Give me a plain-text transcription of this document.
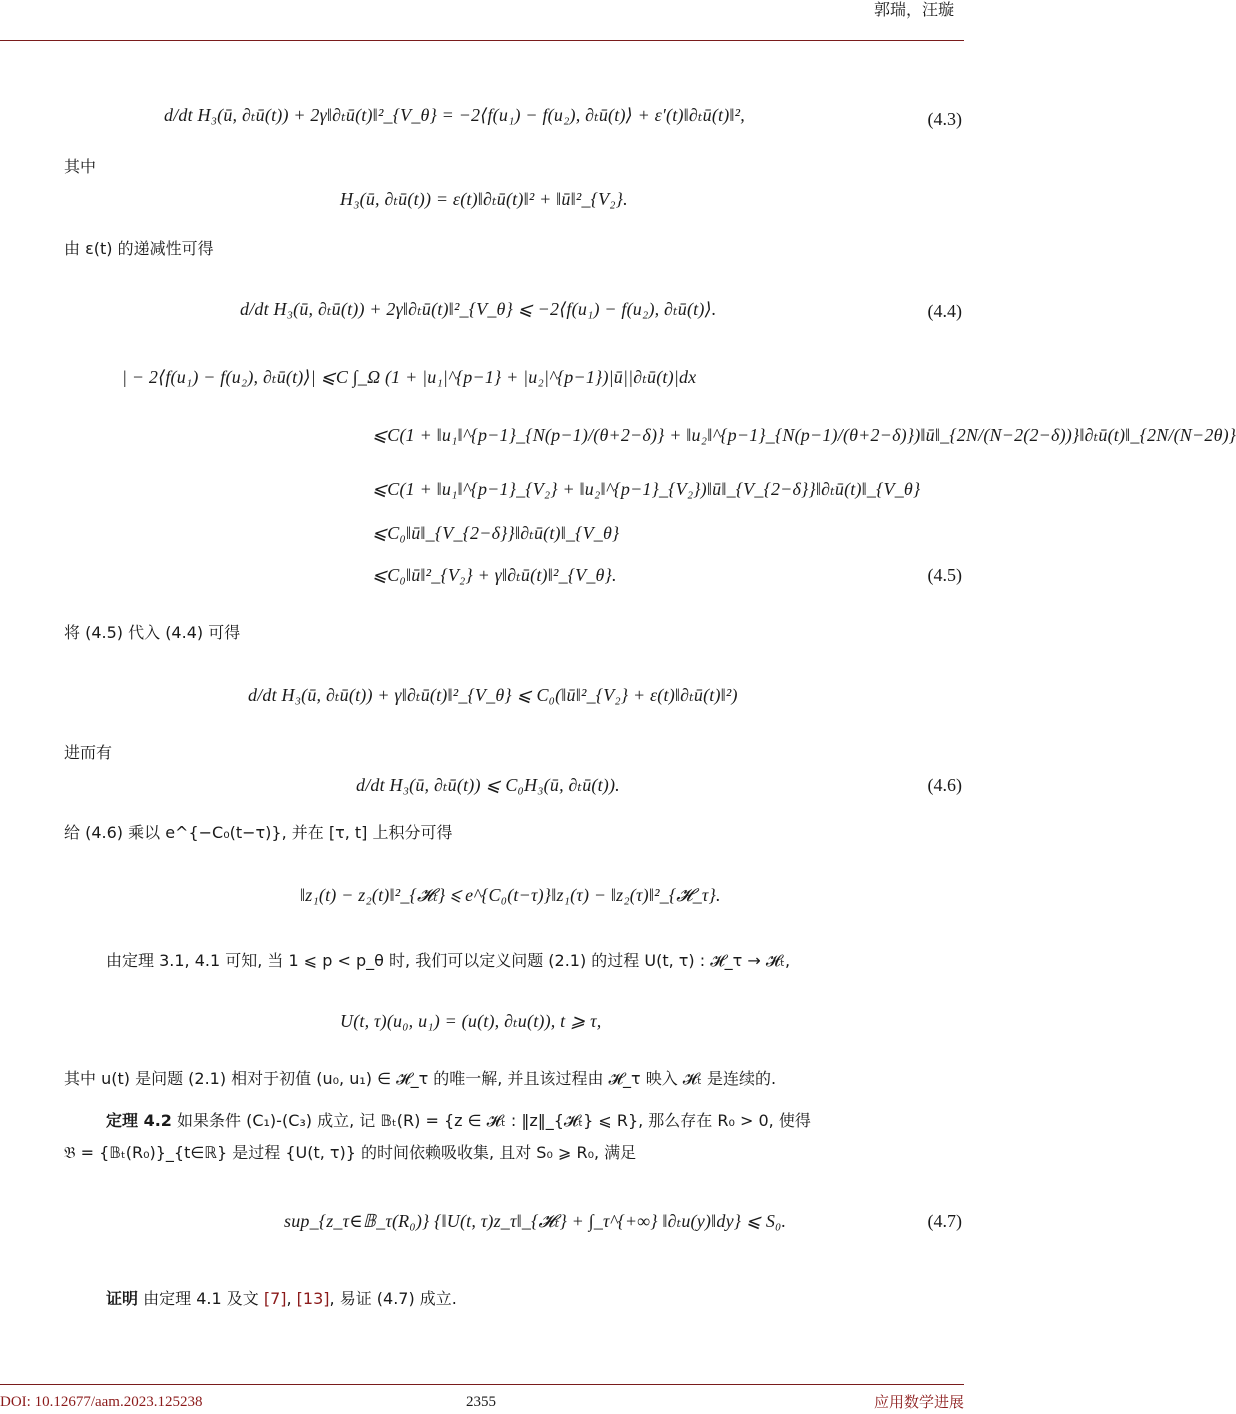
郭瑞，汪璇
d/dt H₃(ū, ∂ₜū(t)) + 2γ‖∂ₜū(t)‖²_{V_θ} = −2⟨f(u₁) − f(u₂), ∂ₜū(t)⟩ + ε′(t)‖∂ₜū(t)‖²,	(4.3)
其中
H₃(ū, ∂ₜū(t)) = ε(t)‖∂ₜū(t)‖² + ‖ū‖²_{V₂}.
由 ε(t) 的递减性可得
d/dt H₃(ū, ∂ₜū(t)) + 2γ‖∂ₜū(t)‖²_{V_θ} ⩽ −2⟨f(u₁) − f(u₂), ∂ₜū(t)⟩.	(4.4)
| − 2⟨f(u₁) − f(u₂), ∂ₜū(t)⟩| ⩽C ∫_Ω (1 + |u₁|^{p−1} + |u₂|^{p−1})|ū||∂ₜū(t)|dx
⩽C(1 + ‖u₁‖^{p−1}_{N(p−1)/(θ+2−δ)} + ‖u₂‖^{p−1}_{N(p−1)/(θ+2−δ)})‖ū‖_{2N/(N−2(2−δ))}‖∂ₜū(t)‖_{2N/(N−2θ)}
⩽C(1 + ‖u₁‖^{p−1}_{V₂} + ‖u₂‖^{p−1}_{V₂})‖ū‖_{V_{2−δ}}‖∂ₜū(t)‖_{V_θ}
⩽C₀‖ū‖_{V_{2−δ}}‖∂ₜū(t)‖_{V_θ}
⩽C₀‖ū‖²_{V₂} + γ‖∂ₜū(t)‖²_{V_θ}.	(4.5)
将 (4.5) 代入 (4.4) 可得
d/dt H₃(ū, ∂ₜū(t)) + γ‖∂ₜū(t)‖²_{V_θ} ⩽ C₀(‖ū‖²_{V₂} + ε(t)‖∂ₜū(t)‖²)
进而有
d/dt H₃(ū, ∂ₜū(t)) ⩽ C₀H₃(ū, ∂ₜū(t)).	(4.6)
给 (4.6) 乘以 e^{−C₀(t−τ)}, 并在 [τ, t] 上积分可得
‖z₁(t) − z₂(t)‖²_{𝓗ₜ} ⩽ e^{C₀(t−τ)}‖z₁(τ) − ‖z₂(τ)‖²_{𝓗_τ}.
由定理 3.1, 4.1 可知, 当 1 ⩽ p < p_θ 时, 我们可以定义问题 (2.1) 的过程 U(t, τ) : 𝓗_τ → 𝓗ₜ,
U(t, τ)(u₀, u₁) = (u(t), ∂ₜu(t)), t ⩾ τ,
其中 u(t) 是问题 (2.1) 相对于初值 (u₀, u₁) ∈ 𝓗_τ 的唯一解, 并且该过程由 𝓗_τ 映入 𝓗ₜ 是连续的.
定理 4.2 如果条件 (C₁)-(C₃) 成立, 记 𝔹ₜ(R) = {z ∈ 𝓗ₜ : ‖z‖_{𝓗ₜ} ⩽ R}, 那么存在 R₀ > 0, 使得
𝔅 = {𝔹ₜ(R₀)}_{t∈ℝ} 是过程 {U(t, τ)} 的时间依赖吸收集, 且对 S₀ ⩾ R₀, 满足
sup_{z_τ∈𝔹_τ(R₀)} {‖U(t, τ)z_τ‖_{𝓗ₜ} + ∫_τ^{+∞} ‖∂ₜu(y)‖dy} ⩽ S₀.	(4.7)
证明 由定理 4.1 及文 [7], [13], 易证 (4.7) 成立.
DOI: 10.12677/aam.2023.125238	2355	应用数学进展
